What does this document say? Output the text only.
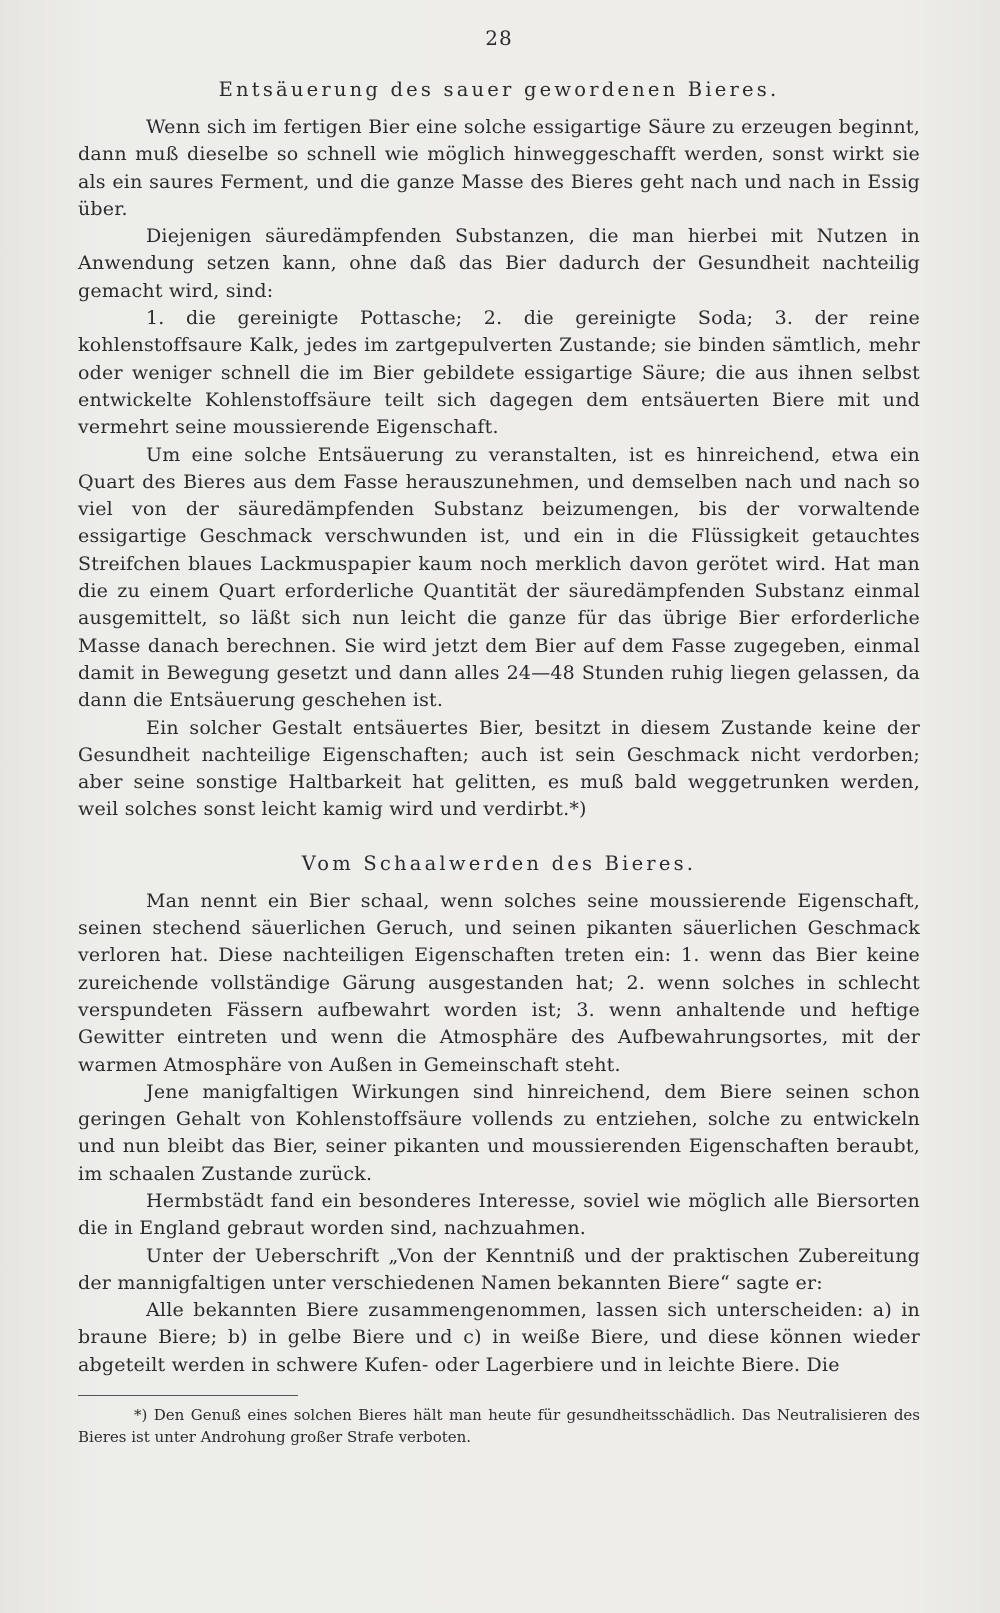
28
Entsäuerung des sauer gewordenen Bieres.

Wenn sich im fertigen Bier eine solche essigartige Säure zu erzeugen beginnt, dann muß dieselbe so schnell wie möglich hinweggeschafft werden, sonst wirkt sie als ein saures Ferment, und die ganze Masse des Bieres geht nach und nach in Essig über.

Diejenigen säuredämpfenden Substanzen, die man hierbei mit Nutzen in Anwendung setzen kann, ohne daß das Bier dadurch der Gesundheit nachteilig gemacht wird, sind:

1. die gereinigte Pottasche; 2. die gereinigte Soda; 3. der reine kohlenstoffsaure Kalk, jedes im zartgepulverten Zustande; sie binden sämtlich, mehr oder weniger schnell die im Bier gebildete essigartige Säure; die aus ihnen selbst entwickelte Kohlenstoffsäure teilt sich dagegen dem entsäuerten Biere mit und vermehrt seine moussierende Eigenschaft.

Um eine solche Entsäuerung zu veranstalten, ist es hinreichend, etwa ein Quart des Bieres aus dem Fasse herauszunehmen, und demselben nach und nach so viel von der säuredämpfenden Substanz beizumengen, bis der vorwaltende essigartige Geschmack verschwunden ist, und ein in die Flüssigkeit getauchtes Streifchen blaues Lackmuspapier kaum noch merklich davon gerötet wird. Hat man die zu einem Quart erforderliche Quantität der säuredämpfenden Substanz einmal ausgemittelt, so läßt sich nun leicht die ganze für das übrige Bier erforderliche Masse danach berechnen. Sie wird jetzt dem Bier auf dem Fasse zugegeben, einmal damit in Bewegung gesetzt und dann alles 24—48 Stunden ruhig liegen gelassen, da dann die Entsäuerung geschehen ist.

Ein solcher Gestalt entsäuertes Bier, besitzt in diesem Zustande keine der Gesundheit nachteilige Eigenschaften; auch ist sein Geschmack nicht verdorben; aber seine sonstige Haltbarkeit hat gelitten, es muß bald weggetrunken werden, weil solches sonst leicht kamig wird und verdirbt.*)

Vom Schaalwerden des Bieres.

Man nennt ein Bier schaal, wenn solches seine moussierende Eigenschaft, seinen stechend säuerlichen Geruch, und seinen pikanten säuerlichen Geschmack verloren hat. Diese nachteiligen Eigenschaften treten ein: 1. wenn das Bier keine zureichende vollständige Gärung ausgestanden hat; 2. wenn solches in schlecht verspundeten Fässern aufbewahrt worden ist; 3. wenn anhaltende und heftige Gewitter eintreten und wenn die Atmosphäre des Aufbewahrungsortes, mit der warmen Atmosphäre von Außen in Gemeinschaft steht.

Jene manigfaltigen Wirkungen sind hinreichend, dem Biere seinen schon geringen Gehalt von Kohlenstoffsäure vollends zu entziehen, solche zu entwickeln und nun bleibt das Bier, seiner pikanten und moussierenden Eigenschaften beraubt, im schaalen Zustande zurück.

Hermbstädt fand ein besonderes Interesse, soviel wie möglich alle Biersorten die in England gebraut worden sind, nachzuahmen.

Unter der Ueberschrift „Von der Kenntniß und der praktischen Zubereitung der mannigfaltigen unter verschiedenen Namen bekannten Biere“ sagte er:

Alle bekannten Biere zusammengenommen, lassen sich unterscheiden: a) in braune Biere; b) in gelbe Biere und c) in weiße Biere, und diese können wieder abgeteilt werden in schwere Kufen- oder Lagerbiere und in leichte Biere. Die

*) Den Genuß eines solchen Bieres hält man heute für gesundheitsschädlich. Das Neutralisieren des Bieres ist unter Androhung großer Strafe verboten.
